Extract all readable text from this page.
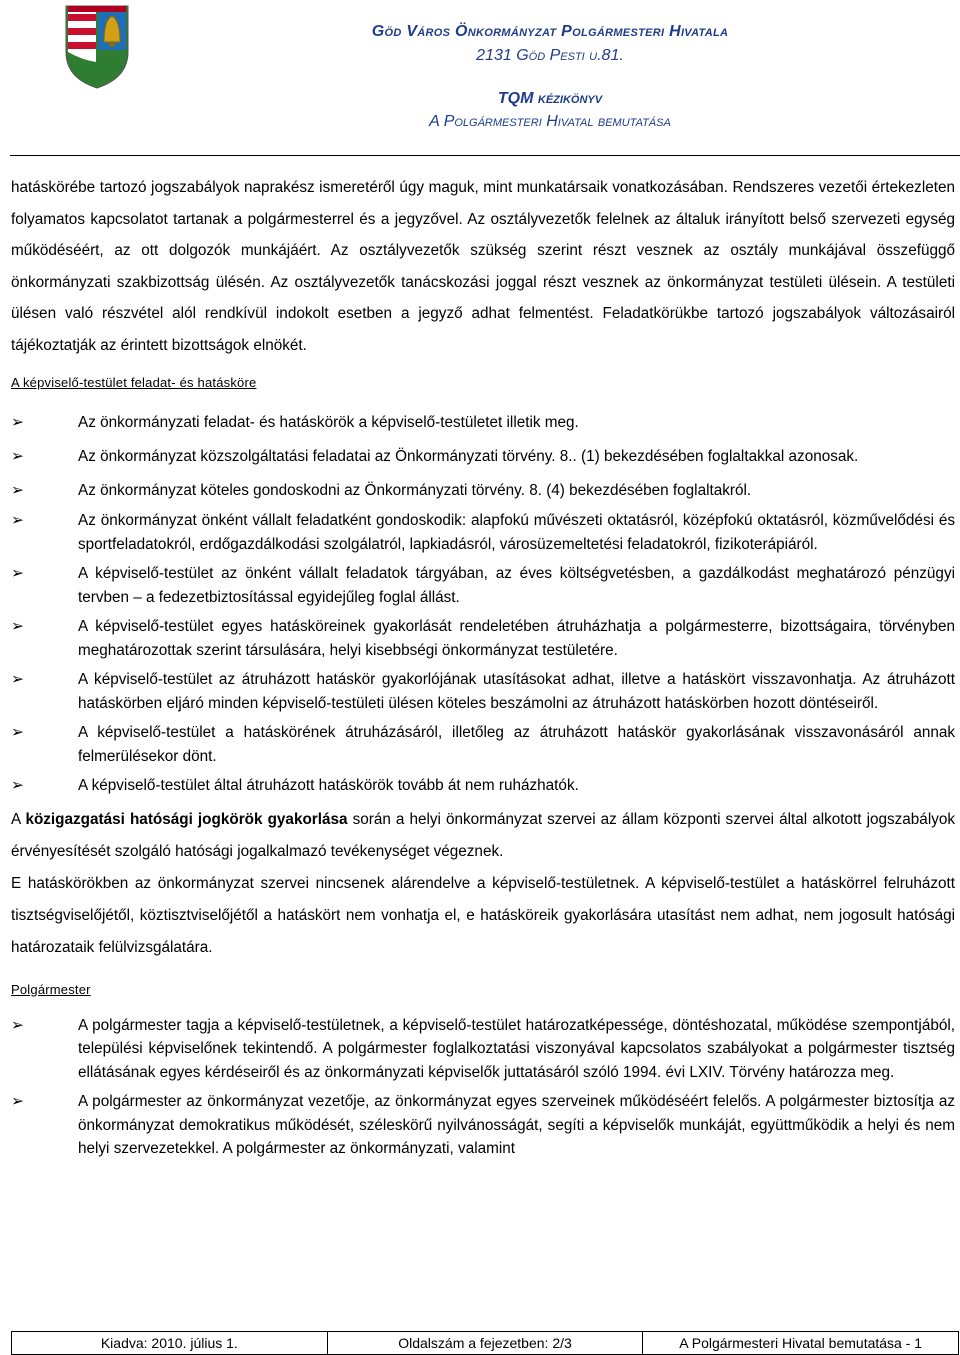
Göd Város Önkormányzat Polgármesteri Hivatala
2131 Göd Pesti u.81.
TQM kézikönyv
A Polgármesteri Hivatal bemutatása

hatáskörébe tartozó jogszabályok naprakész ismeretéről úgy maguk, mint munkatársaik vonatkozásában. Rendszeres vezetői értekezleten folyamatos kapcsolatot tartanak a polgármesterrel és a jegyzővel. Az osztályvezetők felelnek az általuk irányított belső szervezeti egység működéséért, az ott dolgozók munkájáért. Az osztályvezetők szükség szerint részt vesznek az osztály munkájával összefüggő önkormányzati szakbizottság ülésén. Az osztályvezetők tanácskozási joggal részt vesznek az önkormányzat testületi ülésein. A testületi ülésen való részvétel alól rendkívül indokolt esetben a jegyző adhat felmentést. Feladatkörükbe tartozó jogszabályok változásairól tájékoztatják az érintett bizottságok elnökét.

A képviselő-testület feladat- és hatásköre
➢	Az önkormányzati feladat- és hatáskörök a képviselő-testületet illetik meg.
➢	Az önkormányzat közszolgáltatási feladatai az Önkormányzati törvény. 8.. (1) bekezdésében foglaltakkal azonosak.
➢	Az önkormányzat köteles gondoskodni az Önkormányzati törvény. 8. (4) bekezdésében foglaltakról.
➢	Az önkormányzat önként vállalt feladatként gondoskodik: alapfokú művészeti oktatásról, középfokú oktatásról, közművelődési és sportfeladatokról, erdőgazdálkodási szolgálatról, lapkiadásról, városüzemeltetési feladatokról, fizikoterápiáról.
➢	A képviselő-testület az önként vállalt feladatok tárgyában, az éves költségvetésben, a gazdálkodást meghatározó pénzügyi tervben – a fedezetbiztosítással egyidejűleg foglal állást.
➢	A képviselő-testület egyes hatásköreinek gyakorlását rendeletében átruházhatja a polgármesterre, bizottságaira, törvényben meghatározottak szerint társulására, helyi kisebbségi önkormányzat testületére.
➢	A képviselő-testület az átruházott hatáskör gyakorlójának utasításokat adhat, illetve a hatáskört visszavonhatja. Az átruházott hatáskörben eljáró minden képviselő-testületi ülésen köteles beszámolni az átruházott hatáskörben hozott döntéseiről.
➢	A képviselő-testület a hatáskörének átruházásáról, illetőleg az átruházott hatáskör gyakorlásának visszavonásáról annak felmerülésekor dönt.
➢	A képviselő-testület által átruházott hatáskörök tovább át nem ruházhatók.

A közigazgatási hatósági jogkörök gyakorlása során a helyi önkormányzat szervei az állam központi szervei által alkotott jogszabályok érvényesítését szolgáló hatósági jogalkalmazó tevékenységet végeznek.

E hatáskörökben az önkormányzat szervei nincsenek alárendelve a képviselő-testületnek. A képviselő-testület a hatáskörrel felruházott tisztségviselőjétől, köztisztviselőjétől a hatáskört nem vonhatja el, e hatásköreik gyakorlására utasítást nem adhat, nem jogosult hatósági határozataik felülvizsgálatára.

Polgármester
➢	A polgármester tagja a képviselő-testületnek, a képviselő-testület határozatképessége, döntéshozatal, működése szempontjából, települési képviselőnek tekintendő. A polgármester foglalkoztatási viszonyával kapcsolatos szabályokat a polgármester tisztség ellátásának egyes kérdéseiről és az önkormányzati képviselők juttatásáról szóló 1994. évi LXIV. Törvény határozza meg.
➢	A polgármester az önkormányzat vezetője, az önkormányzat egyes szerveinek működéséért felelős. A polgármester biztosítja az önkormányzat demokratikus működését, széleskörű nyilvánosságát, segíti a képviselők munkáját, együttműködik a helyi és nem helyi szervezetekkel. A polgármester az önkormányzati, valamint
Kiadva: 2010. július 1.	Oldalszám a fejezetben: 2/3	A Polgármesteri Hivatal bemutatása - 1
